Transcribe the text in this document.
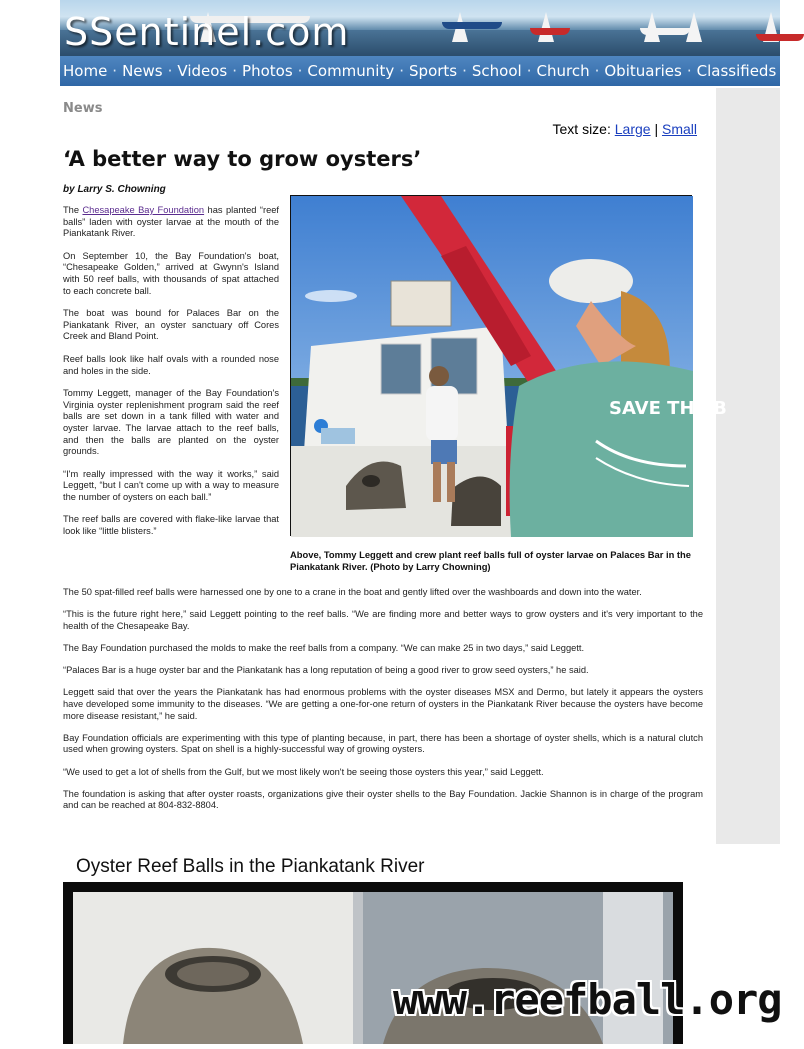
SSentinel.com
Home · News · Videos · Photos · Community · Sports · School · Church · Obituaries · Classifieds
News
Text size: Large | Small
‘A better way to grow oysters’
by Larry S. Chowning

The Chesapeake Bay Foundation has planted “reef balls” laden with oyster larvae at the mouth of the Piankatank River.

On September 10, the Bay Foundation's boat, “Chesapeake Golden,” arrived at Gwynn's Island with 50 reef balls, with thousands of spat attached to each concrete ball.

The boat was bound for Palaces Bar on the Piankatank River, an oyster sanctuary off Cores Creek and Bland Point.

Reef balls look like half ovals with a rounded nose and holes in the side.

Tommy Leggett, manager of the Bay Foundation's Virginia oyster replenishment program said the reef balls are set down in a tank filled with water and oyster larvae. The larvae attach to the reef balls, and then the balls are planted on the oyster grounds.

“I'm really impressed with the way it works,” said Leggett, “but I can't come up with a way to measure the number of oysters on each ball.”

The reef balls are covered with flake-like larvae that look like “little blisters.”

SAVE THE B
Above, Tommy Leggett and crew plant reef balls full of oyster larvae on Palaces Bar in the Piankatank River. (Photo by Larry Chowning)

The 50 spat-filled reef balls were harnessed one by one to a crane in the boat and gently lifted over the washboards and down into the water.

“This is the future right here,” said Leggett pointing to the reef balls. “We are finding more and better ways to grow oysters and it's very important to the health of the Chesapeake Bay.

The Bay Foundation purchased the molds to make the reef balls from a company. “We can make 25 in two days,” said Leggett.

“Palaces Bar is a huge oyster bar and the Piankatank has a long reputation of being a good river to grow seed oysters,” he said.

Leggett said that over the years the Piankatank has had enormous problems with the oyster diseases MSX and Dermo, but lately it appears the oysters have developed some immunity to the diseases. “We are getting a one-for-one return of oysters in the Piankatank River because the oysters have become more disease resistant,” he said.

Bay Foundation officials are experimenting with this type of planting because, in part, there has been a shortage of oyster shells, which is a natural clutch used when growing oysters. Spat on shell is a highly-successful way of growing oysters.

“We used to get a lot of shells from the Gulf, but we most likely won't be seeing those oysters this year,” said Leggett.

The foundation is asking that after oyster roasts, organizations give their oyster shells to the Bay Foundation. Jackie Shannon is in charge of the program and can be reached at 804-832-8804.

Oyster Reef Balls in the Piankatank River
www.reefball.org
